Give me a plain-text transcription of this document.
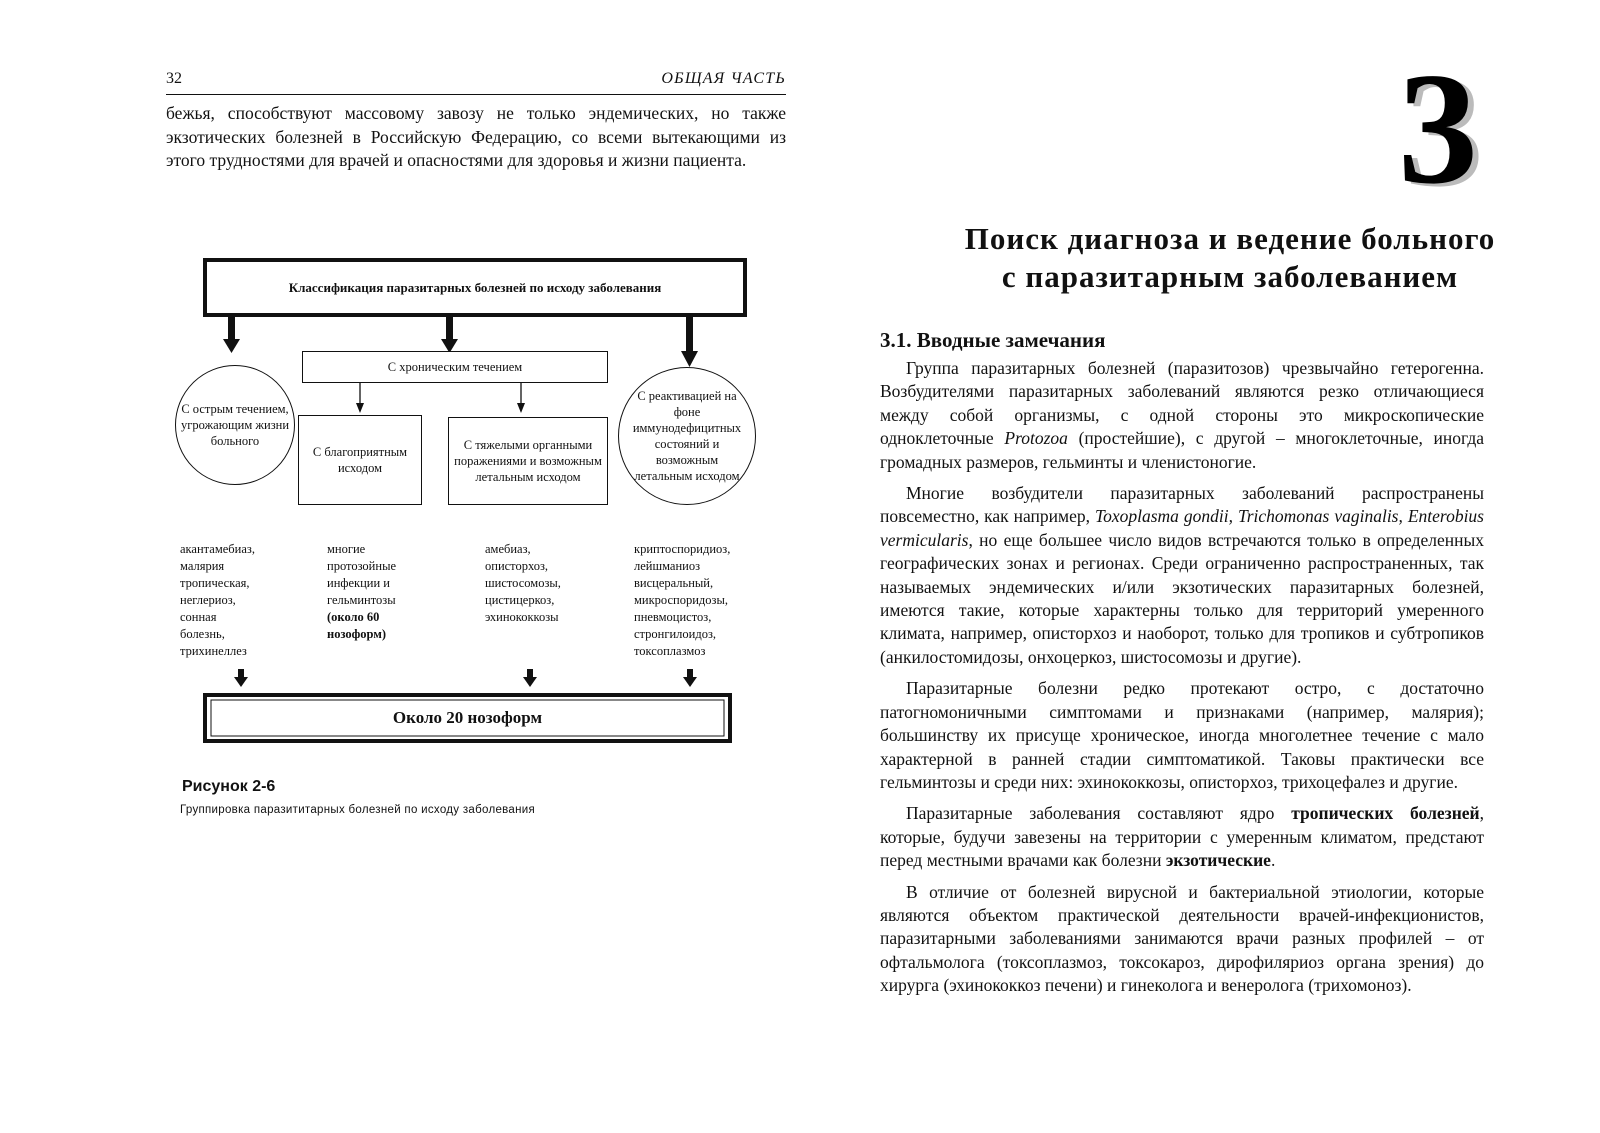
32	ОБЩАЯ ЧАСТЬ
бежья, способствуют массовому завозу не только эндемических, но также экзотических болезней в Российскую Федерацию, со всеми вытекающими из этого трудностями для врачей и опасностями для здоровья и жизни пациента.
Классификация паразитарных болезней по исходу заболевания
С хроническим течением
С острым течением, угрожающим жизни больного
С благоприятным исходом
С тяжелыми органными поражениями и возможным летальным исходом
С реактивацией на фоне иммунодефицитных состояний и возможным летальным исходом
акантамебиаз,
малярия
тропическая,
неглериоз,
сонная болезнь,
трихинеллез
многие
протозойные
инфекции и
гельминтозы
(около 60
нозоформ)
амебиаз,
описторхоз,
шистосомозы,
цистицеркоз,
эхинококкозы
криптоспоридиоз,
лейшманиоз
висцеральный,
микроспоридозы,
пневмоцистоз,
стронгилоидоз,
токсоплазмоз
Около 20 нозоформ
Рисунок 2-6
Группировка паразититарных болезней по исходу заболевания
3
Поиск диагноза и ведение больного
с паразитарным заболеванием
3.1. Вводные замечания

Группа паразитарных болезней (паразитозов) чрезвычайно гетерогенна. Возбудителями паразитарных заболеваний являются резко отличающиеся между собой организмы, с одной стороны это микроскопические одноклеточные Protozoa (простейшие), с другой – многоклеточные, иногда громадных размеров, гельминты и членистоногие.

Многие возбудители паразитарных заболеваний распространены повсеместно, как например, Toxoplasma gondii, Trichomonas vaginalis, Enterobius vermicularis, но еще большее число видов встречаются только в определенных географических зонах и регионах. Среди ограниченно распространенных, так называемых эндемических и/или экзотических паразитарных болезней, имеются такие, которые характерны только для территорий умеренного климата, например, описторхоз и наоборот, только для тропиков и субтропиков (анкилостомидозы, онхоцеркоз, шистосомозы и другие).

Паразитарные болезни редко протекают остро, с достаточно патогномоничными симптомами и признаками (например, малярия); большинству их присуще хроническое, иногда многолетнее течение с мало характерной в ранней стадии симптоматикой. Таковы практически все гельминтозы и среди них: эхинококкозы, описторхоз, трихоцефалез и другие.

Паразитарные заболевания составляют ядро тропических болезней, которые, будучи завезены на территории с умеренным климатом, предстают перед местными врачами как болезни экзотические.

В отличие от болезней вирусной и бактериальной этиологии, которые являются объектом практической деятельности врачей-инфекционистов, паразитарными заболеваниями занимаются врачи разных профилей – от офтальмолога (токсоплазмоз, токсокароз, дирофиляриоз органа зрения) до хирурга (эхинококкоз печени) и гинеколога и венеролога (трихомоноз).
